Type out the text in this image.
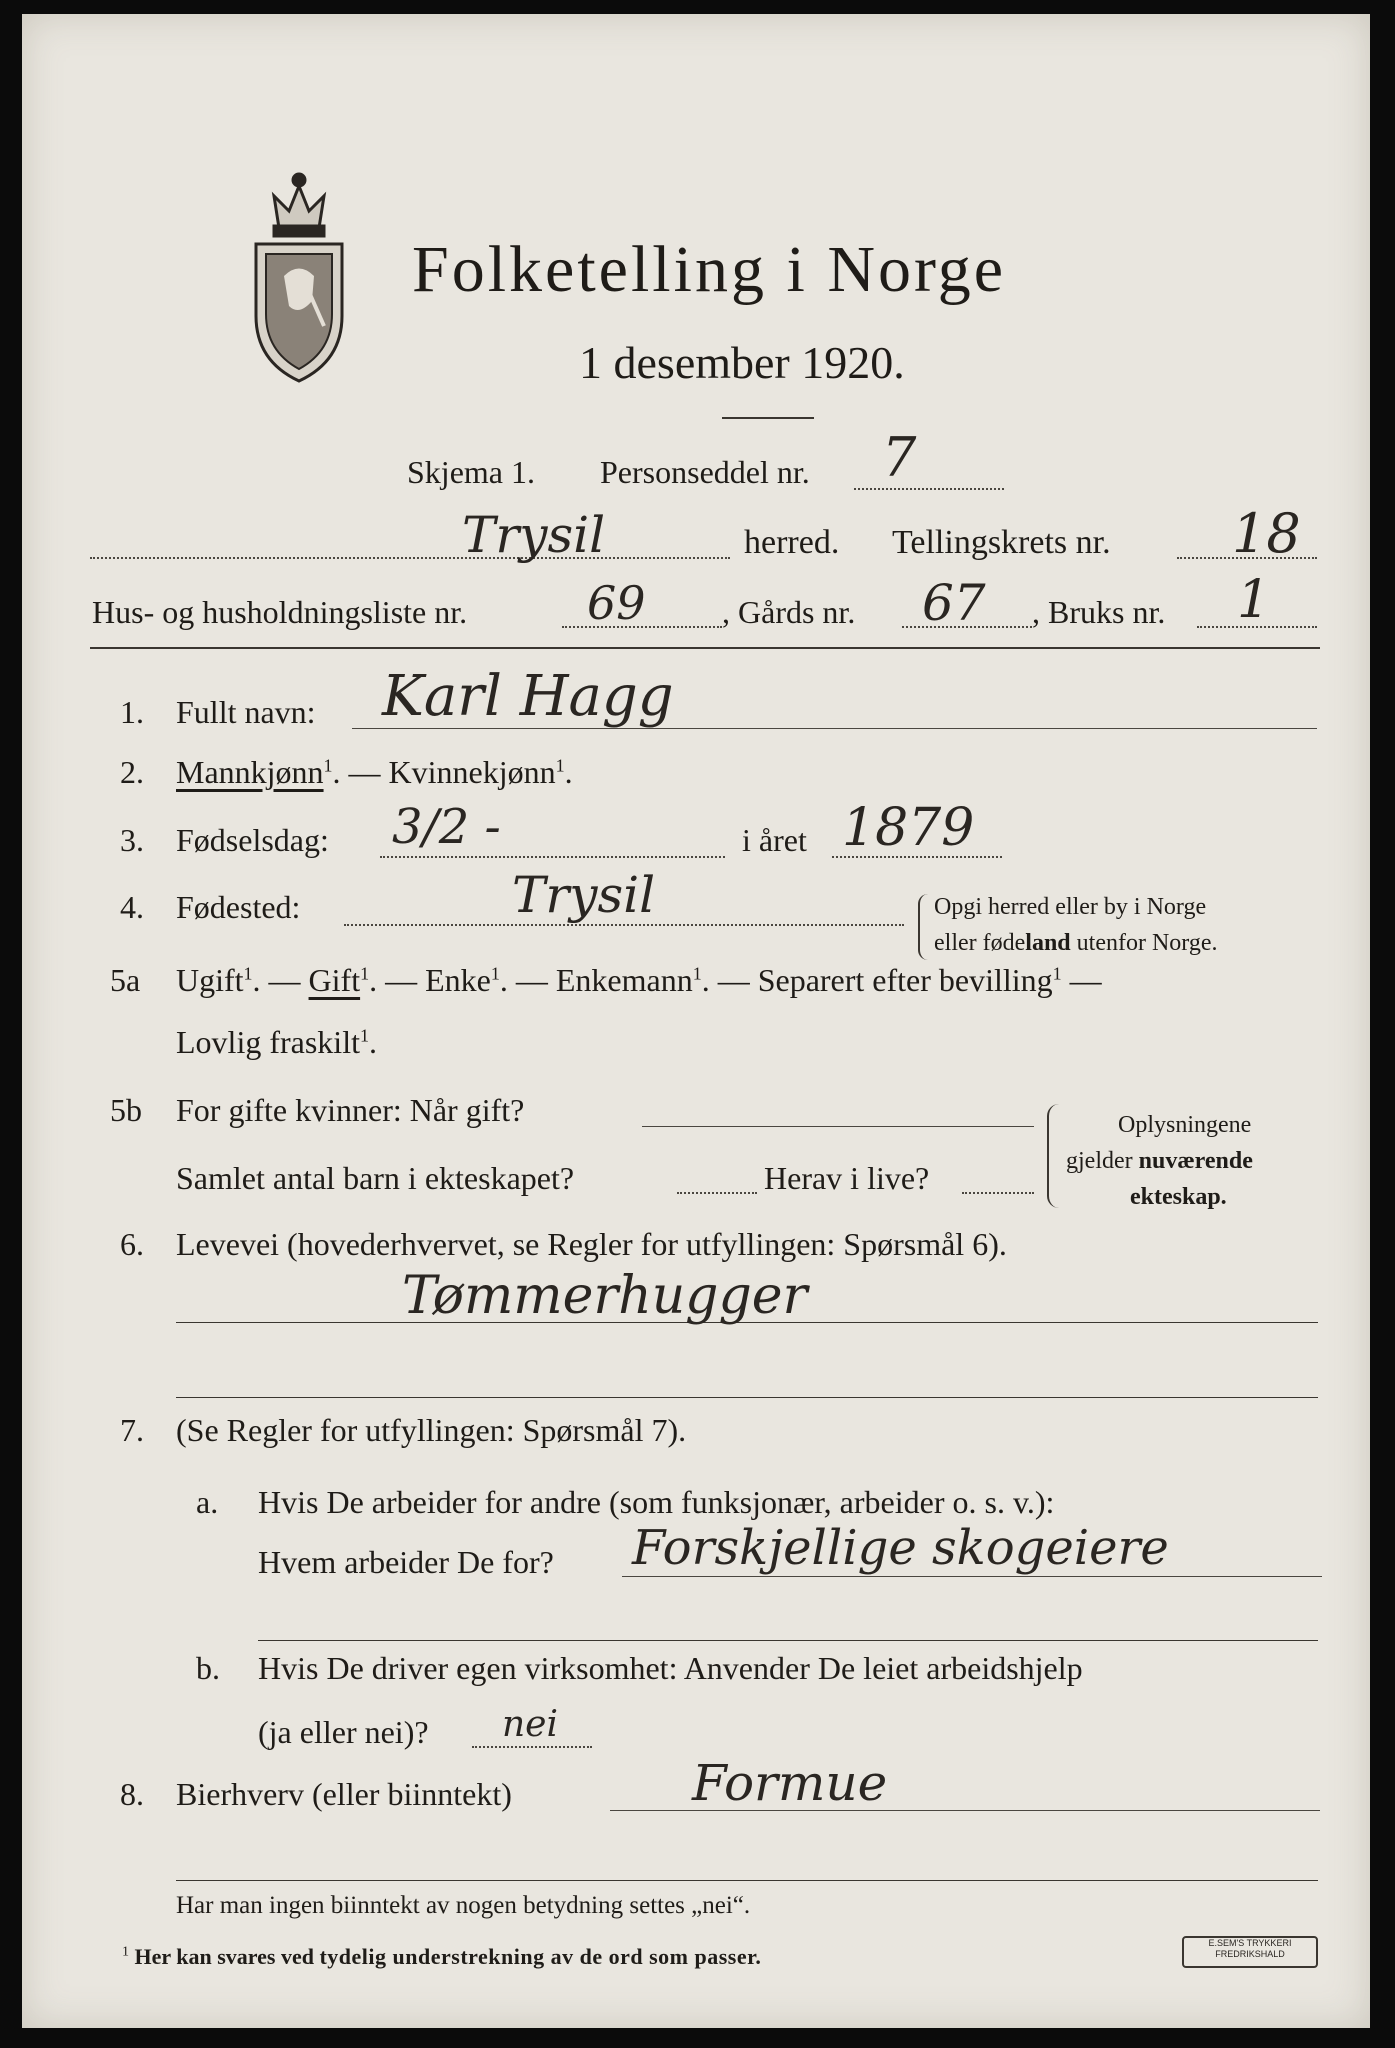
Folketelling i Norge
1 desember 1920.
Skjema 1. Personseddel nr. 7
Trysil	herred. Tellingskrets nr. 18
Hus- og husholdningsliste nr.	69 , Gårds nr. 67 , Bruks nr. 1
1. Fullt navn: Karl Hagg
2. Mannkjønn$^1$. — Kvinnekjønn$^1$.
3. Fødselsdag: 3/2 -	i året 1879
4. Fødested:	Trysil	Opgi herred eller by i Norge
eller fødeland utenfor Norge.
5a Ugift$^1$. — Gift$^1$. — Enke$^1$. — Enkemann$^1$. — Separert efter bevilling$^1$ —
Lovlig fraskilt$^1$.
5b For gifte kvinner: Når gift?
Samlet antal barn i ekteskapet?	Herav i live?
Oplysningene
gjelder nuværende
ekteskap.
6. Levevei (hovederhvervet, se Regler for utfyllingen: Spørsmål 6).
Tømmerhugger
7. (Se Regler for utfyllingen: Spørsmål 7).
a. Hvis De arbeider for andre (som funksjonær, arbeider o. s. v.):
Hvem arbeider De for? Forskjellige skogeiere
b. Hvis De driver egen virksomhet: Anvender De leiet arbeidshjelp
(ja eller nei)? nei
8. Bierhverv (eller biinntekt)	Formue
Har man ingen biinntekt av nogen betydning settes „nei“.
$^1$ Her kan svares ved tydelig understrekning av de ord som passer.
E.SEM'S TRYKKERI
FREDRIKSHALD
